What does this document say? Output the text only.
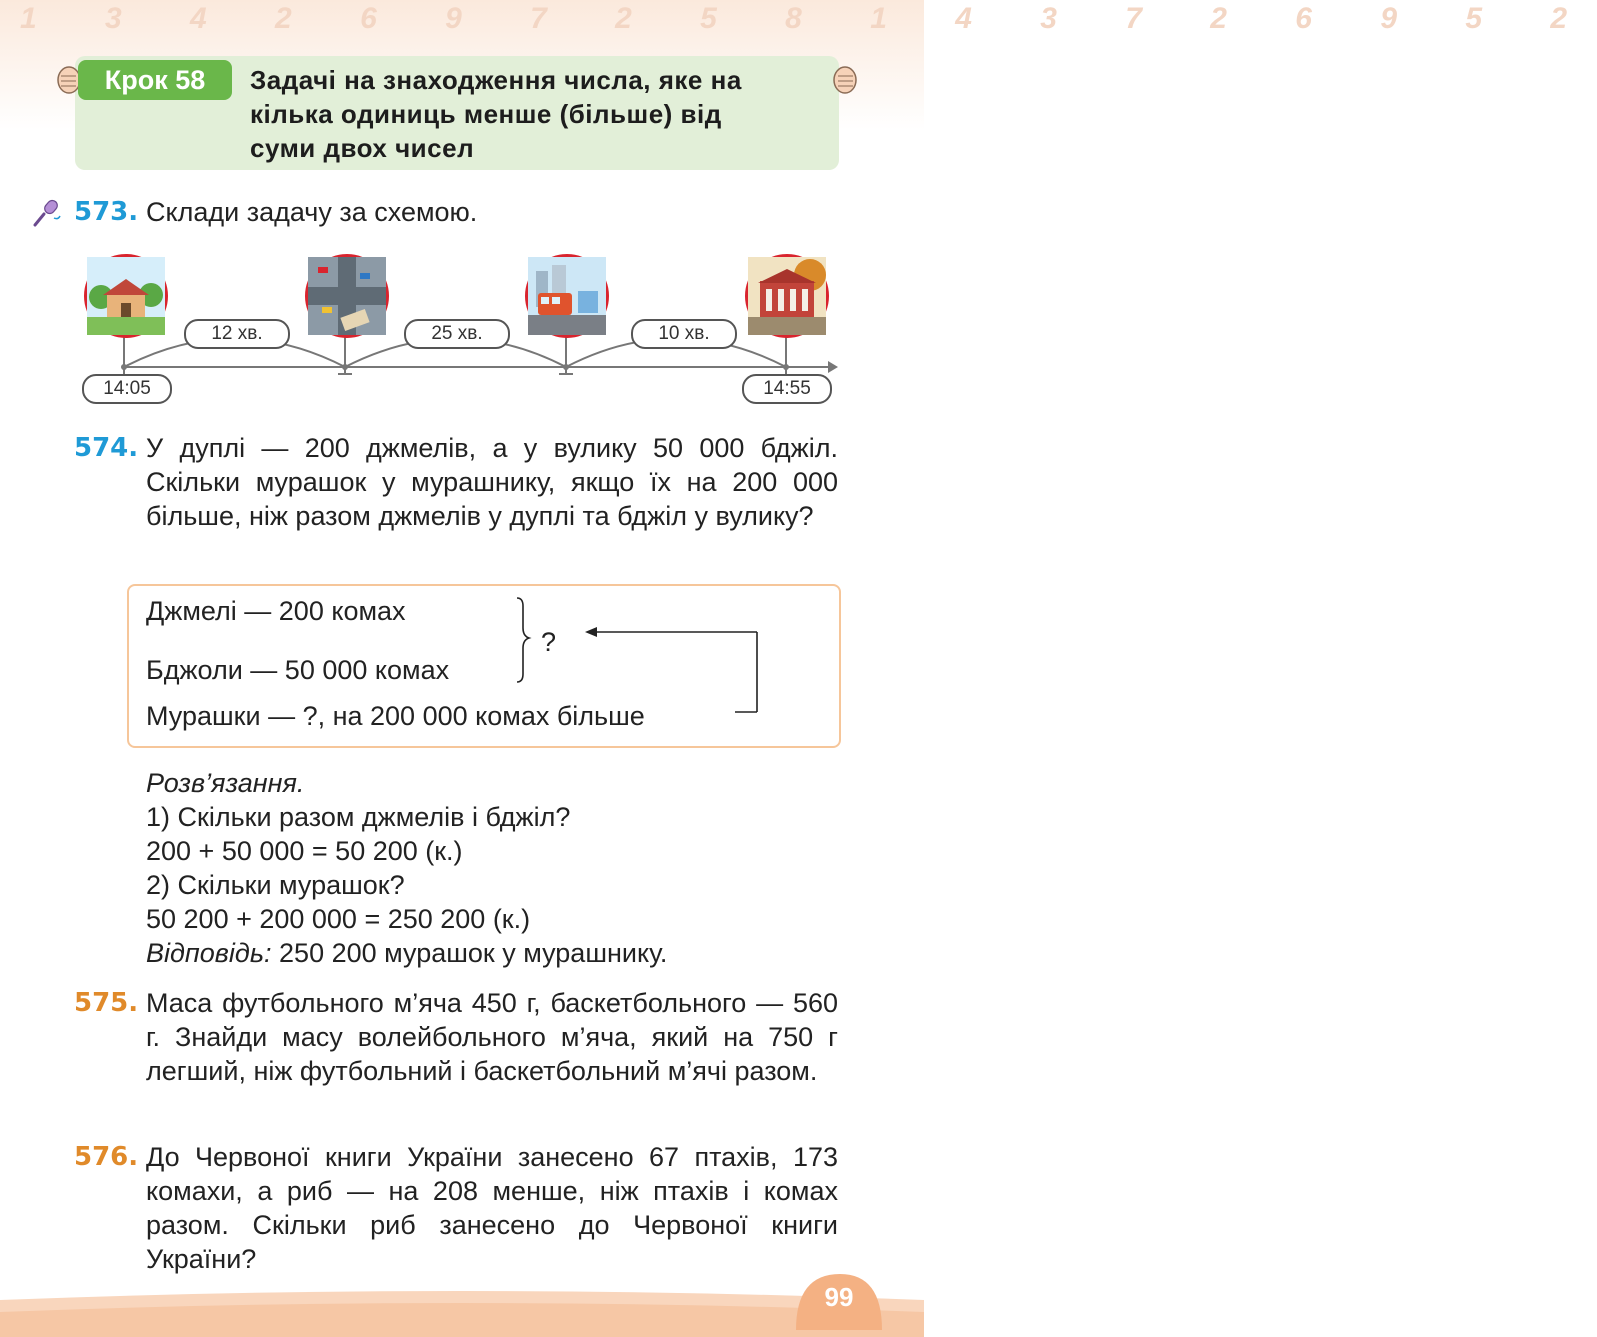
1 3 4 2 6 9 7 2 5 8 1 4 3 7 2 6 9 5 2
Крок 58	Задачі на знаходження числа, яке на
кілька одиниць менше (більше) від
суми двох чисел
573. Склади задачу за схемою.
12 хв.	25 хв.	10 хв.
14:05	14:55
574. У дуплі — 200 джмелів, а у вулику 50 000 бджіл. Скільки мурашок у мурашнику, якщо їх на 200 000 більше, ніж разом джмелів у дуплі та бджіл у вулику?
Джмелі — 200 комах
Бджоли — 50 000 комах
Мурашки — ?, на 200 000 комах більше
?
Розв’язання.
1) Скільки разом джмелів і бджіл?
200 + 50 000 = 50 200 (к.)
2) Скільки мурашок?
50 200 + 200 000 = 250 200 (к.)
Відповідь: 250 200 мурашок у мурашнику.
575. Маса футбольного м’яча 450 г, баскетбольного — 560 г. Знайди масу волейбольного м’яча, який на 750 г легший, ніж футбольний і баскетбольний м’ячі разом.
576. До Червоної книги України занесено 67 птахів, 173 комахи, а риб — на 208 менше, ніж птахів і комах разом. Скільки риб занесено до Червоної книги України?
99
